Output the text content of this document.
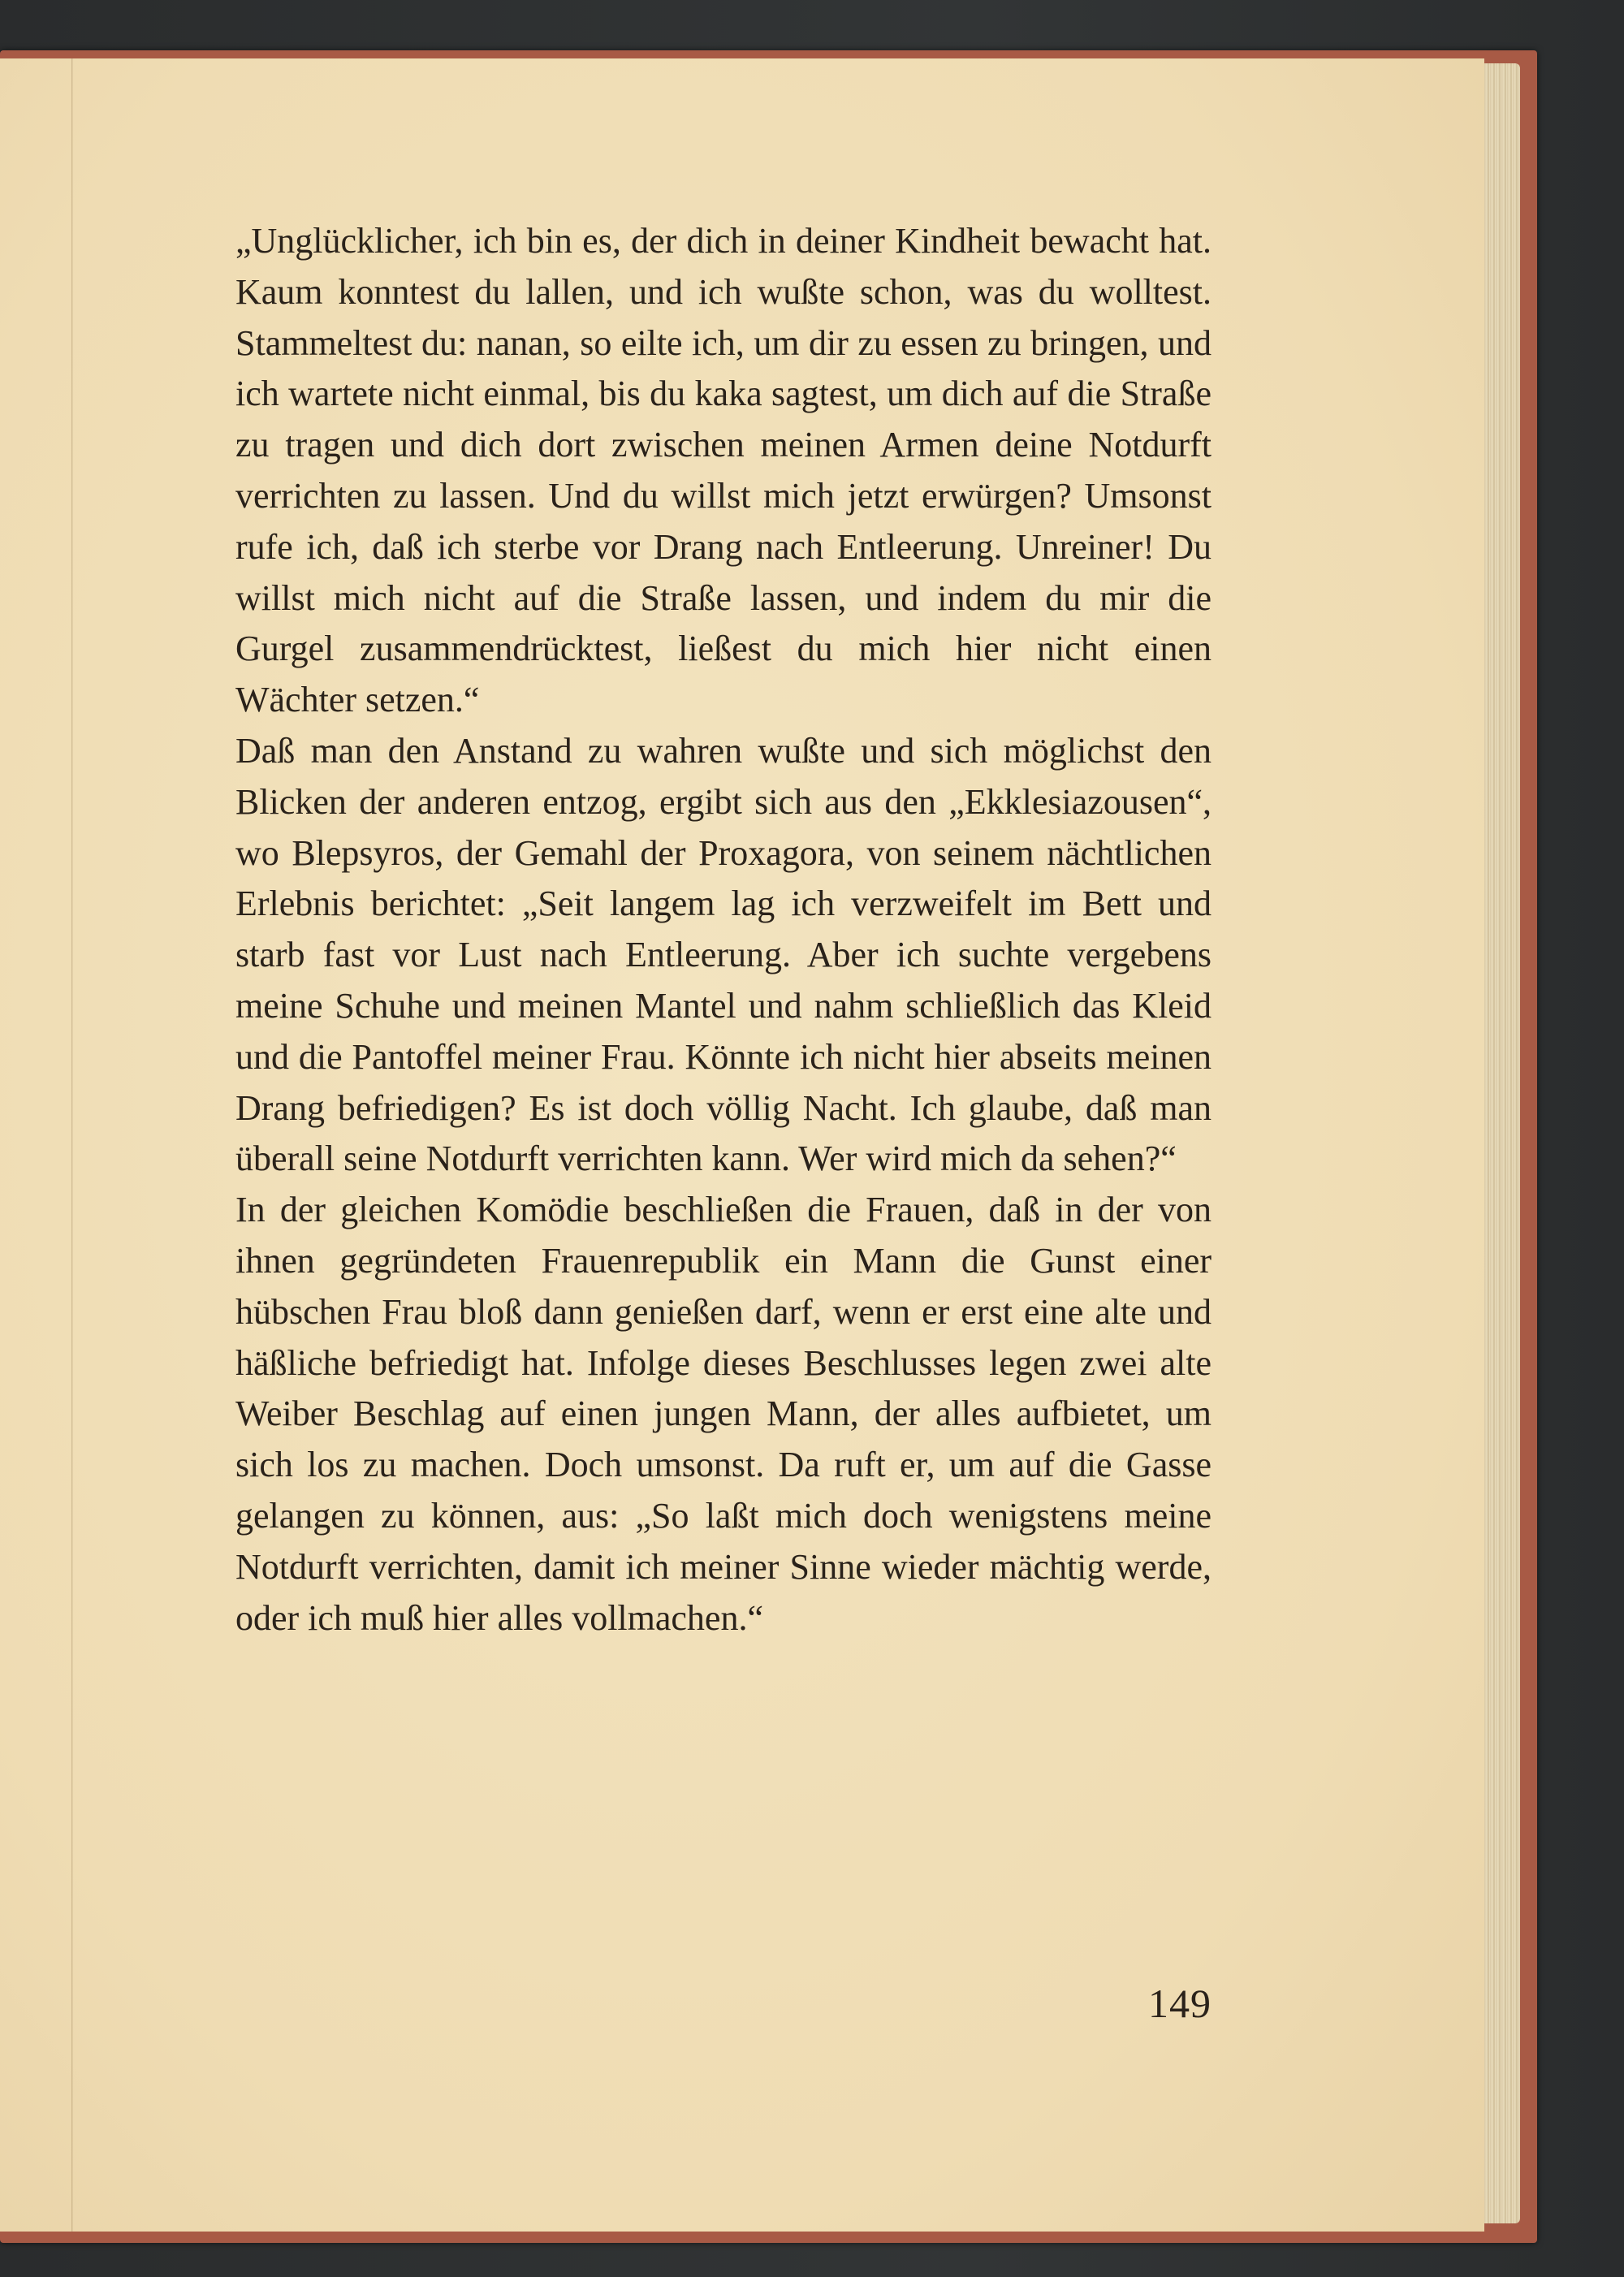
„Unglücklicher, ich bin es, der dich in deiner Kindheit bewacht hat. Kaum konntest du lallen, und ich wußte schon, was du wolltest. Stammeltest du: nanan, so eilte ich, um dir zu essen zu bringen, und ich wartete nicht einmal, bis du kaka sagtest, um dich auf die Straße zu tragen und dich dort zwischen meinen Armen deine Notdurft verrichten zu lassen. Und du willst mich jetzt erwürgen? Umsonst rufe ich, daß ich sterbe vor Drang nach Entleerung. Unreiner! Du willst mich nicht auf die Straße lassen, und indem du mir die Gurgel zusammendrücktest, ließest du mich hier nicht einen Wächter setzen.“

Daß man den Anstand zu wahren wußte und sich möglichst den Blicken der anderen entzog, ergibt sich aus den „Ekklesiazousen“, wo Blepsyros, der Gemahl der Proxagora, von seinem nächtlichen Erlebnis berichtet: „Seit langem lag ich verzweifelt im Bett und starb fast vor Lust nach Entleerung. Aber ich suchte vergebens meine Schuhe und meinen Mantel und nahm schließlich das Kleid und die Pantoffel meiner Frau. Könnte ich nicht hier abseits meinen Drang befriedigen? Es ist doch völlig Nacht. Ich glaube, daß man überall seine Notdurft verrichten kann. Wer wird mich da sehen?“

In der gleichen Komödie beschließen die Frauen, daß in der von ihnen gegründeten Frauenrepublik ein Mann die Gunst einer hübschen Frau bloß dann genießen darf, wenn er erst eine alte und häßliche befriedigt hat. Infolge dieses Beschlusses legen zwei alte Weiber Beschlag auf einen jungen Mann, der alles aufbietet, um sich los zu machen. Doch umsonst. Da ruft er, um auf die Gasse gelangen zu können, aus: „So laßt mich doch wenigstens meine Notdurft verrichten, damit ich meiner Sinne wieder mächtig werde, oder ich muß hier alles vollmachen.“

149
